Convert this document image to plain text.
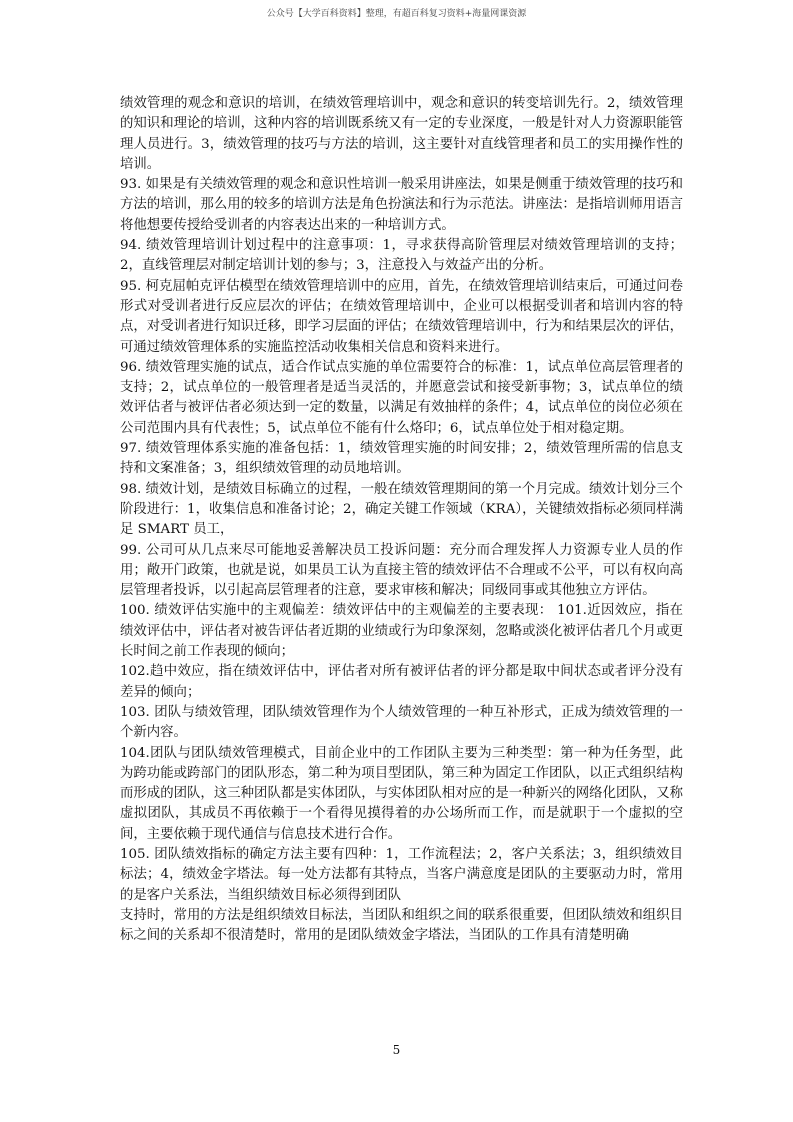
公众号【大学百科资料】整理，有超百科复习资料+海量网课资源

绩效管理的观念和意识的培训，在绩效管理培训中，观念和意识的转变培训先行。2，绩效管理的知识和理论的培训，这种内容的培训既系统又有一定的专业深度，一般是针对人力资源职能管理人员进行。3，绩效管理的技巧与方法的培训，这主要针对直线管理者和员工的实用操作性的培训。

93. 如果是有关绩效管理的观念和意识性培训一般采用讲座法，如果是侧重于绩效管理的技巧和方法的培训，那么用的较多的培训方法是角色扮演法和行为示范法。讲座法：是指培训师用语言将他想要传授给受训者的内容表达出来的一种培训方式。

94. 绩效管理培训计划过程中的注意事项：1，寻求获得高阶管理层对绩效管理培训的支持；2，直线管理层对制定培训计划的参与；3，注意投入与效益产出的分析。

95. 柯克屈帕克评估模型在绩效管理培训中的应用，首先，在绩效管理培训结束后，可通过问卷形式对受训者进行反应层次的评估；在绩效管理培训中，企业可以根据受训者和培训内容的特点，对受训者进行知识迁移，即学习层面的评估；在绩效管理培训中，行为和结果层次的评估，可通过绩效管理体系的实施监控活动收集相关信息和资料来进行。

96. 绩效管理实施的试点，适合作试点实施的单位需要符合的标准：1，试点单位高层管理者的支持；2，试点单位的一般管理者是适当灵活的，并愿意尝试和接受新事物；3，试点单位的绩效评估者与被评估者必须达到一定的数量，以满足有效抽样的条件；4，试点单位的岗位必须在公司范围内具有代表性；5，试点单位不能有什么烙印；6，试点单位处于相对稳定期。

97. 绩效管理体系实施的准备包括：1，绩效管理实施的时间安排；2，绩效管理所需的信息支持和文案准备；3，组织绩效管理的动员地培训。

98. 绩效计划，是绩效目标确立的过程，一般在绩效管理期间的第一个月完成。绩效计划分三个阶段进行：1，收集信息和准备讨论；2，确定关键工作领域（KRA），关键绩效指标必须同样满足 SMART 员工，

99. 公司可从几点来尽可能地妥善解决员工投诉问题：充分而合理发挥人力资源专业人员的作用；敞开门政策，也就是说，如果员工认为直接主管的绩效评估不合理或不公平，可以有权向高层管理者投诉，以引起高层管理者的注意，要求审核和解决；同级同事或其他独立方评估。

100. 绩效评估实施中的主观偏差：绩效评估中的主观偏差的主要表现： 101.近因效应，指在绩效评估中，评估者对被告评估者近期的业绩或行为印象深刻，忽略或淡化被评估者几个月或更长时间之前工作表现的倾向；

102.趋中效应，指在绩效评估中，评估者对所有被评估者的评分都是取中间状态或者评分没有差异的倾向；

103. 团队与绩效管理，团队绩效管理作为个人绩效管理的一种互补形式，正成为绩效管理的一个新内容。

104.团队与团队绩效管理模式，目前企业中的工作团队主要为三种类型：第一种为任务型，此为跨功能或跨部门的团队形态，第二种为项目型团队，第三种为固定工作团队，以正式组织结构而形成的团队，这三种团队都是实体团队，与实体团队相对应的是一种新兴的网络化团队，又称虚拟团队，其成员不再依赖于一个看得见摸得着的办公场所而工作，而是就职于一个虚拟的空间，主要依赖于现代通信与信息技术进行合作。

105. 团队绩效指标的确定方法主要有四种：1，工作流程法；2，客户关系法；3，组织绩效目标法；4，绩效金字塔法。每一处方法都有其特点，当客户满意度是团队的主要驱动力时，常用的是客户关系法，当组织绩效目标必须得到团队

支持时，常用的方法是组织绩效目标法，当团队和组织之间的联系很重要，但团队绩效和组织目标之间的关系却不很清楚时，常用的是团队绩效金字塔法，当团队的工作具有清楚明确

5
